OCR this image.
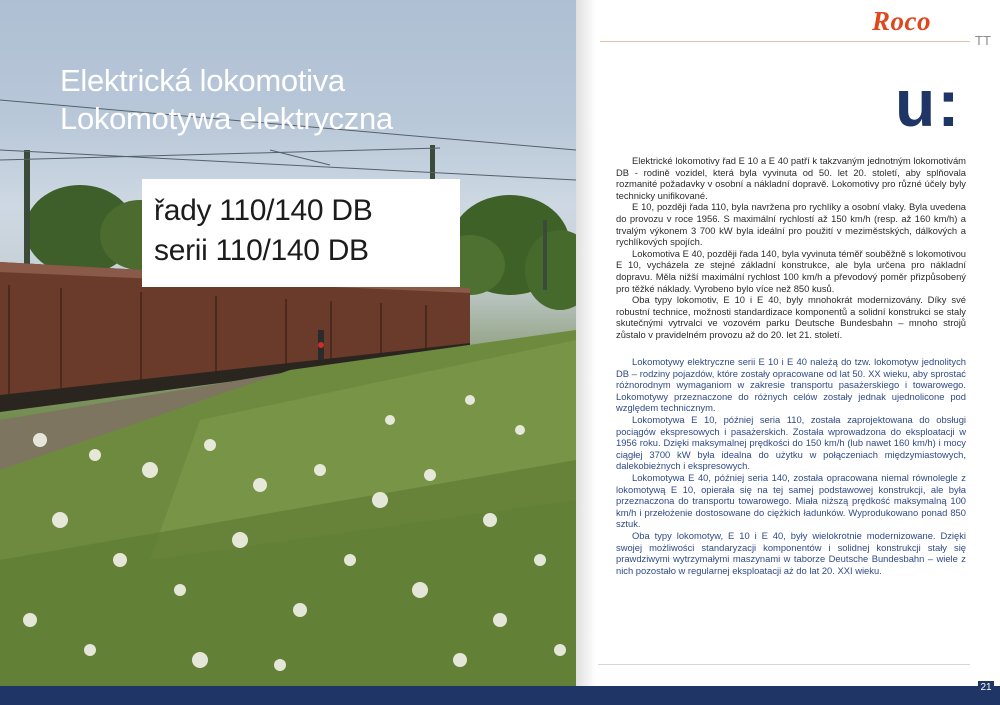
Elektrická lokomotiva
Lokomotywa elektryczna
řady 110/140 DB
serii 110/140 DB
Roco
TT
u:

Elektrické lokomotivy řad E 10 a E 40 patří k takzvaným jednotným lokomotivám DB - rodině vozidel, která byla vyvinuta od 50. let 20. století, aby splňovala rozmanité požadavky v osobní a nákladní dopravě. Lokomotivy pro různé účely byly technicky unifikované.

E 10, později řada 110, byla navržena pro rychlíky a osobní vlaky. Byla uvedena do provozu v roce 1956. S maximální rychlostí až 150 km/h (resp. až 160 km/h) a trvalým výkonem 3 700 kW byla ideální pro použití v meziměstských, dálkových a rychlíkových spojích.

Lokomotiva E 40, později řada 140, byla vyvinuta téměř souběžně s lokomotivou E 10, vycházela ze stejné základní konstrukce, ale byla určena pro nákladní dopravu. Měla nižší maximální rychlost 100 km/h a převodový poměr přizpůsobený pro těžké náklady. Vyrobeno bylo více než 850 kusů.

Oba typy lokomotiv, E 10 i E 40, byly mnohokrát modernizovány. Díky své robustní technice, možnosti standardizace komponentů a solidní konstrukci se staly skutečnými vytrvalci ve vozovém parku Deutsche Bundesbahn – mnoho strojů zůstalo v pravidelném provozu až do 20. let 21. století.

Lokomotywy elektryczne serii E 10 i E 40 należą do tzw. lokomotyw jednolitych DB – rodziny pojazdów, które zostały opracowane od lat 50. XX wieku, aby sprostać różnorodnym wymaganiom w zakresie transportu pasażerskiego i towarowego. Lokomotywy przeznaczone do różnych celów zostały jednak ujednolicone pod względem technicznym.

Lokomotywa E 10, później seria 110, została zaprojektowana do obsługi pociągów ekspresowych i pasażerskich. Została wprowadzona do eksploatacji w 1956 roku. Dzięki maksymalnej prędkości do 150 km/h (lub nawet 160 km/h) i mocy ciągłej 3700 kW była idealna do użytku w połączeniach międzymiastowych, dalekobieżnych i ekspresowych.

Lokomotywa E 40, później seria 140, została opracowana niemal równolegle z lokomotywą E 10, opierała się na tej samej podstawowej konstrukcji, ale była przeznaczona do transportu towarowego. Miała niższą prędkość maksymalną 100 km/h i przełożenie dostosowane do ciężkich ładunków. Wyprodukowano ponad 850 sztuk.

Oba typy lokomotyw, E 10 i E 40, były wielokrotnie modernizowane. Dzięki swojej możliwości standaryzacji komponentów i solidnej konstrukcji stały się prawdziwymi wytrzymałymi maszynami w taborze Deutsche Bundesbahn – wiele z nich pozostało w regularnej eksploatacji aż do lat 20. XXI wieku.

21
